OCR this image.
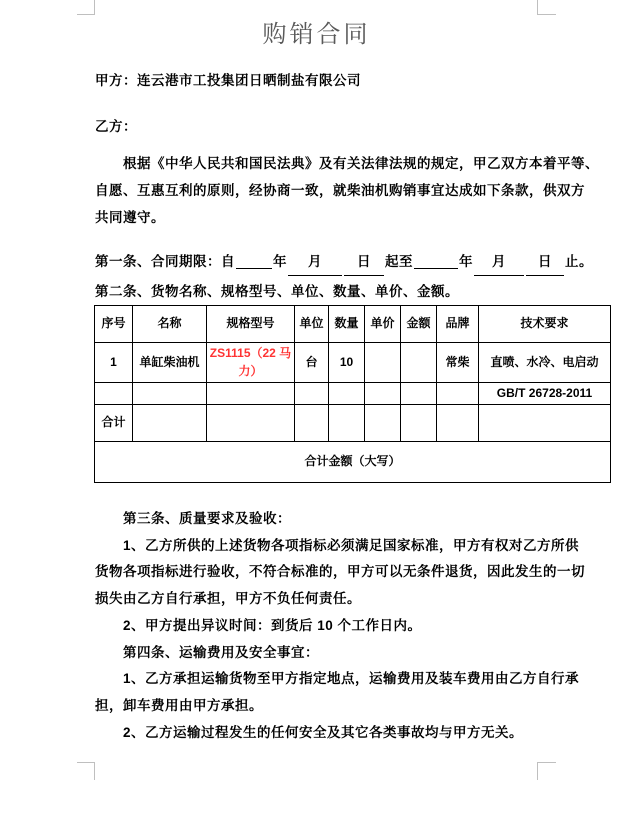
购销合同
甲方：连云港市工投集团日晒制盐有限公司
乙方：
根据《中华人民共和国民法典》及有关法律法规的规定，甲乙双方本着平等、
自愿、互惠互利的原则，经协商一致，就柴油机购销事宜达成如下条款，供双方
共同遵守。
第一条、合同期限：自	年 月	日 起至	年 月 日 止。
第二条、货物名称、规格型号、单位、数量、单价、金额。
序号	名称	规格型号	单位	数量	单价	金额	品牌	技术要求
1	单缸柴油机	ZS1115（22 马力）	台	10			常柴	直喷、水冷、电启动
								GB/T 26728-2011
合计								
合计金额（大写）								
第三条、质量要求及验收：
1、乙方所供的上述货物各项指标必须满足国家标准，甲方有权对乙方所供
货物各项指标进行验收，不符合标准的，甲方可以无条件退货，因此发生的一切
损失由乙方自行承担，甲方不负任何责任。
2、甲方提出异议时间：到货后 10 个工作日内。
第四条、运输费用及安全事宜：
1、乙方承担运输货物至甲方指定地点，运输费用及装车费用由乙方自行承
担，卸车费用由甲方承担。
2、乙方运输过程发生的任何安全及其它各类事故均与甲方无关。
